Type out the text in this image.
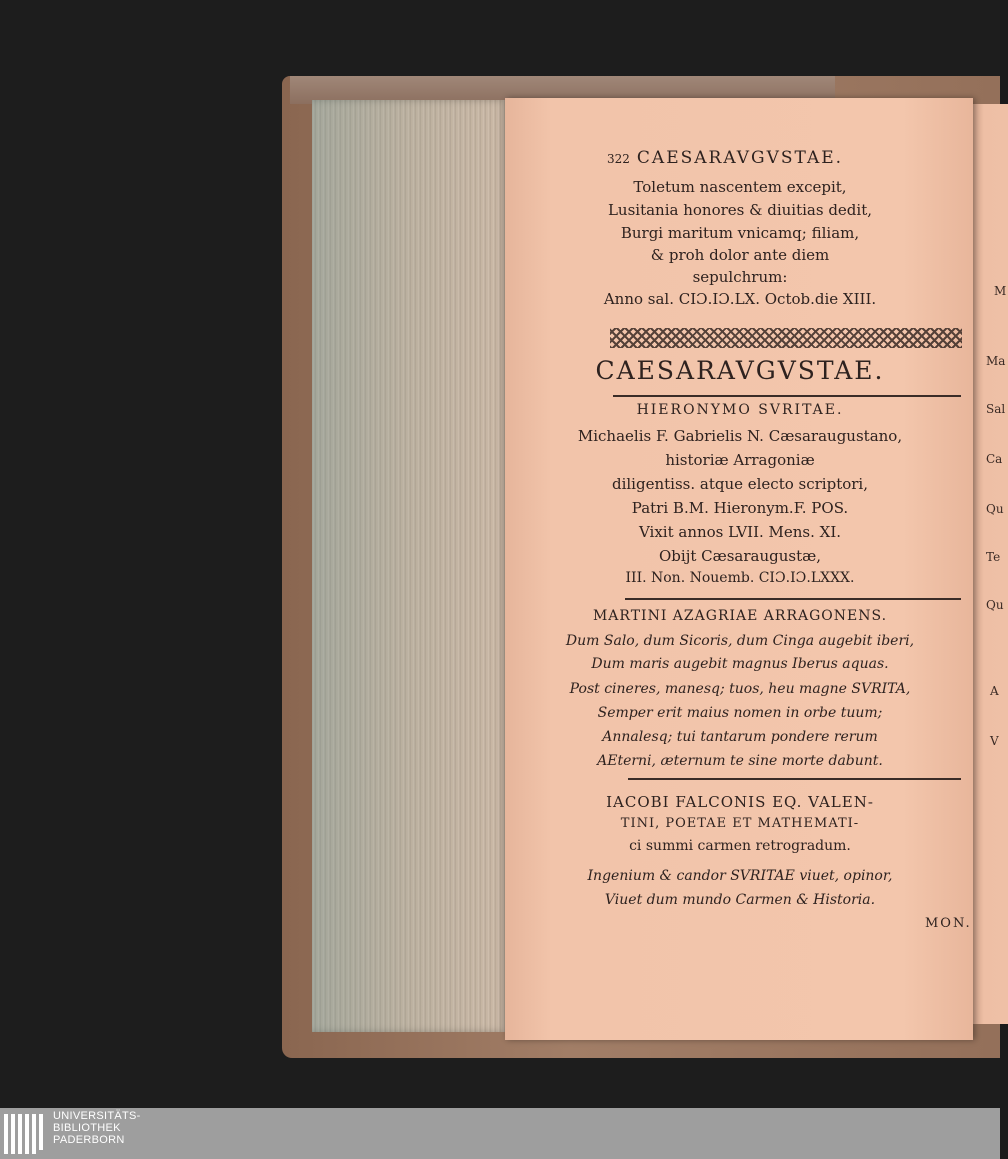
M
Ma
Sal
Ca
Qu
Te
Qu
A
V
322 CAESARAVGVSTAE.
Toletum nascentem excepit,
Lusitania honores & diuitias dedit,
Burgi maritum vnicamq; filiam,
& proh dolor ante diem
sepulchrum:
Anno sal. CIƆ.IƆ.LX. Octob.die XIII.
CAESARAVGVSTAE.
HIERONYMO SVRITAE.
Michaelis F. Gabrielis N. Cæsaraugustano,
historiæ Arragoniæ
diligentiss. atque electo scriptori,
Patri B.M. Hieronym.F. POS.
Vixit annos LVII. Mens. XI.
Obijt Cæsaraugustæ,
III. Non. Nouemb. CIƆ.IƆ.LXXX.
MARTINI AZAGRIAE ARRAGONENS.
Dum Salo, dum Sicoris, dum Cinga augebit iberi,
Dum maris augebit magnus Iberus aquas.
Post cineres, manesq; tuos, heu magne SVRITA,
Semper erit maius nomen in orbe tuum;
Annalesq; tui tantarum pondere rerum
AEterni, æternum te sine morte dabunt.
IACOBI FALCONIS EQ. VALEN-
TINI, POETAE ET MATHEMATI-
ci summi carmen retrogradum.
Ingenium & candor SVRITAE viuet, opinor,
Viuet dum mundo Carmen & Historia.
MON.
UNIVERSITÄTS-
BIBLIOTHEK
PADERBORN
